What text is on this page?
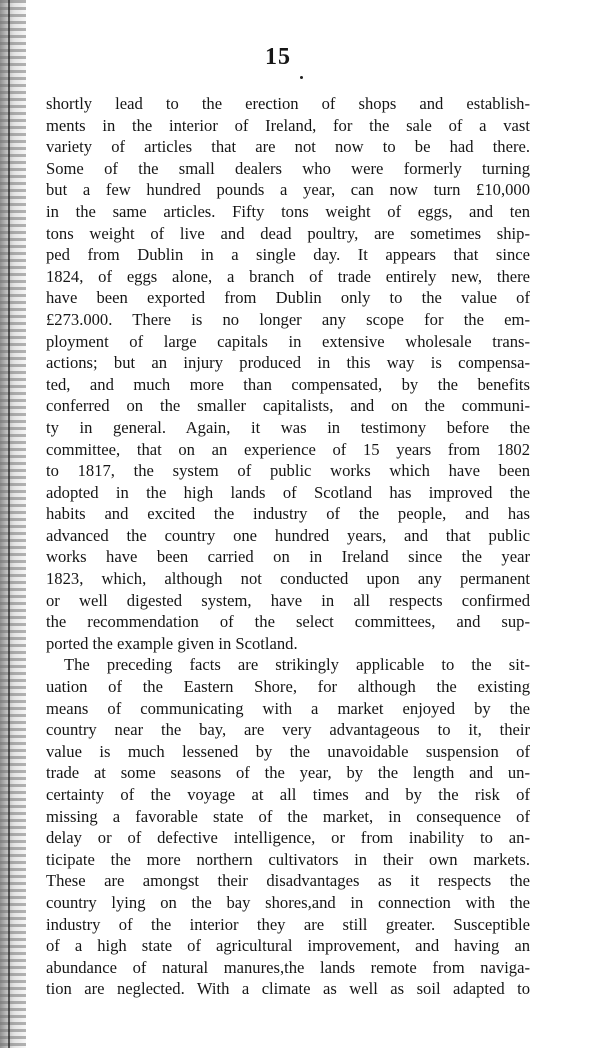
15
shortly lead to the erection of shops and establish-
ments in the interior of Ireland, for the sale of a vast
variety of articles that are not now to be had there.
Some of the small dealers who were formerly turning
but a few hundred pounds a year, can now turn £10,000
in the same articles. Fifty tons weight of eggs, and ten
tons weight of live and dead poultry, are sometimes ship-
ped from Dublin in a single day. It appears that since
1824, of eggs alone, a branch of trade entirely new, there
have been exported from Dublin only to the value of
£273.000. There is no longer any scope for the em-
ployment of large capitals in extensive wholesale trans-
actions; but an injury produced in this way is compensa-
ted, and much more than compensated, by the benefits
conferred on the smaller capitalists, and on the communi-
ty in general. Again, it was in testimony before the
committee, that on an experience of 15 years from 1802
to 1817, the system of public works which have been
adopted in the high lands of Scotland has improved the
habits and excited the industry of the people, and has
advanced the country one hundred years, and that public
works have been carried on in Ireland since the year
1823, which, although not conducted upon any permanent
or well digested system, have in all respects confirmed
the recommendation of the select committees, and sup-
ported the example given in Scotland.
The preceding facts are strikingly applicable to the sit-
uation of the Eastern Shore, for although the existing
means of communicating with a market enjoyed by the
country near the bay, are very advantageous to it, their
value is much lessened by the unavoidable suspension of
trade at some seasons of the year, by the length and un-
certainty of the voyage at all times and by the risk of
missing a favorable state of the market, in consequence of
delay or of defective intelligence, or from inability to an-
ticipate the more northern cultivators in their own markets.
These are amongst their disadvantages as it respects the
country lying on the bay shores,and in connection with the
industry of the interior they are still greater. Susceptible
of a high state of agricultural improvement, and having an
abundance of natural manures,the lands remote from naviga-
tion are neglected. With a climate as well as soil adapted to
